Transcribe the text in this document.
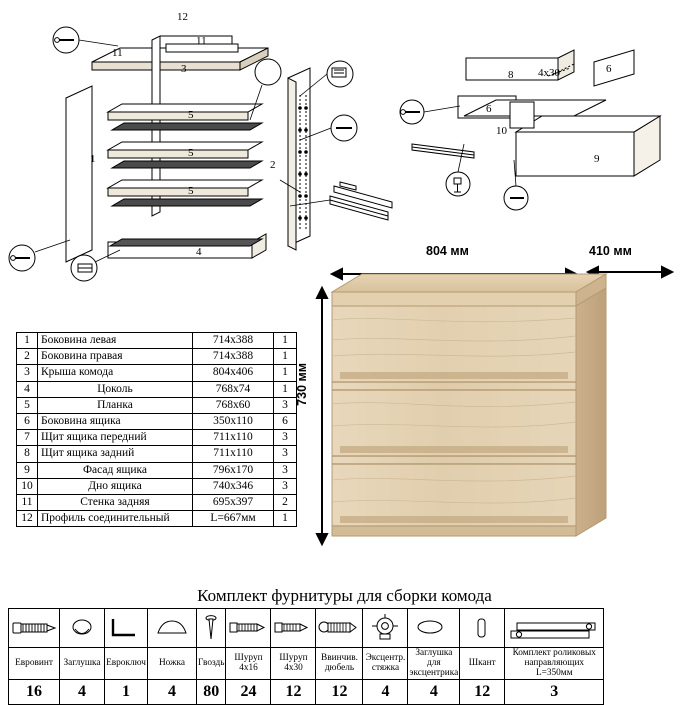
12
11
11
3
5
5
5
1	2
4
4х30
8
6
6
10
9
804 мм	410 мм
730 мм
1	Боковина левая	714х388	1
2	Боковина правая	714х388	1
3	Крыша комода	804х406	1
4	Цоколь	768х74	1
5	Планка	768х60	3
6	Боковина ящика	350х110	6
7	Щит ящика передний	711х110	3
8	Щит ящика задний	711х110	3
9	Фасад ящика	796х170	3
10	Дно ящика	740х346	3
11	Стенка задняя	695х397	2
12	Профиль соединительный	L=667мм	1
Комплект фурнитуры для сборки комода

Евровинт	Заглушка	Евроключ	Ножка	Гвоздь	Шуруп 4х16	Шуруп 4х30	Ввинчив. дюбель	Эксцентр. стяжка	Заглушка для эксцентрика	Шкант	Комплект роликовых направляющих L=350мм
16	4	1	4	80	24	12	12	4	4	12	3
